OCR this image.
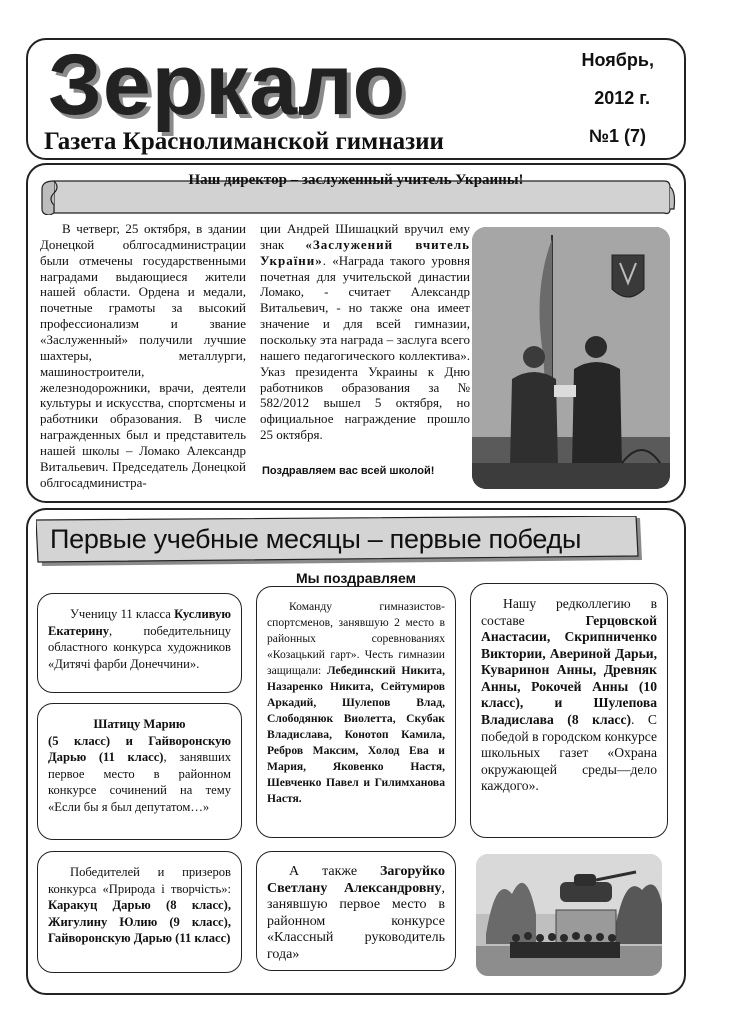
Зеркало
Газета Краснолиманской гимназии
Ноябрь,
2012 г.
№1 (7)
Наш директор – заслуженный учитель Украины!

В четверг, 25 октября, в здании Донецкой облгосадминистрации были отмечены государственными наградами выдающиеся жители нашей области. Ордена и медали, почетные грамоты за высокий профессионализм и звание «Заслуженный» получили лучшие шахтеры, металлурги, машиностроители, железнодорожники, врачи, деятели культуры и искусства, спортсмены и работники образования. В числе награжденных был и представитель нашей школы – Ломако Александр Витальевич. Председатель Донецкой облгосадминистра-

ции Андрей Шишацкий вручил ему знак «Заслужений вчитель України». «Награда такого уровня почетная для учительской династии Ломако, - считает Александр Витальевич, - но также она имеет значение и для всей гимназии, поскольку эта награда – заслуга всего нашего педагогического коллектива». Указ президента Украины к Дню работников образования за № 582/2012 вышел 5 октября, но официальное награждение прошло 25 октября.

Поздравляем вас всей школой!
Первые учебные месяцы – первые победы
Мы поздравляем

Ученицу 11 класса Кусливую Екатерину, победительницу областного конкурса художников «Дитячі фарби Донеччини».

Шатицу Марию

(5 класс) и Гайворонскую Дарью (11 класс), занявших первое место в районном конкурсе сочинений на тему «Если бы я был депутатом…»

Победителей и призеров конкурса «Природа і творчість»: Каракуц Дарью (8 класс), Жигулину Юлию (9 класс), Гайворонскую Дарью (11 класс)

Команду гимназистов-спортсменов, занявшую 2 место в районных соревнованиях «Козацький гарт». Честь гимназии защищали: Лебединский Никита, Назаренко Никита, Сейтумиров Аркадий, Шулепов Влад, Слободянюк Виолетта, Скубак Владислава, Конотоп Камила, Ребров Максим, Холод Ева и Мария, Яковенко Настя, Шевченко Павел и Гилимханова Настя.

А также Загоруйко Светлану Александровну, занявшую первое место в районном конкурсе «Классный руководитель года»

Нашу редколлегию в составе Герцовской Анастасии, Скрипниченко Виктории, Авериной Дарьи, Куваринон Анны, Древняк Анны, Рокочей Анны (10 класс), и Шулепова Владислава (8 класс). С победой в городском конкурсе школьных газет «Охрана окружающей среды—дело каждого».
